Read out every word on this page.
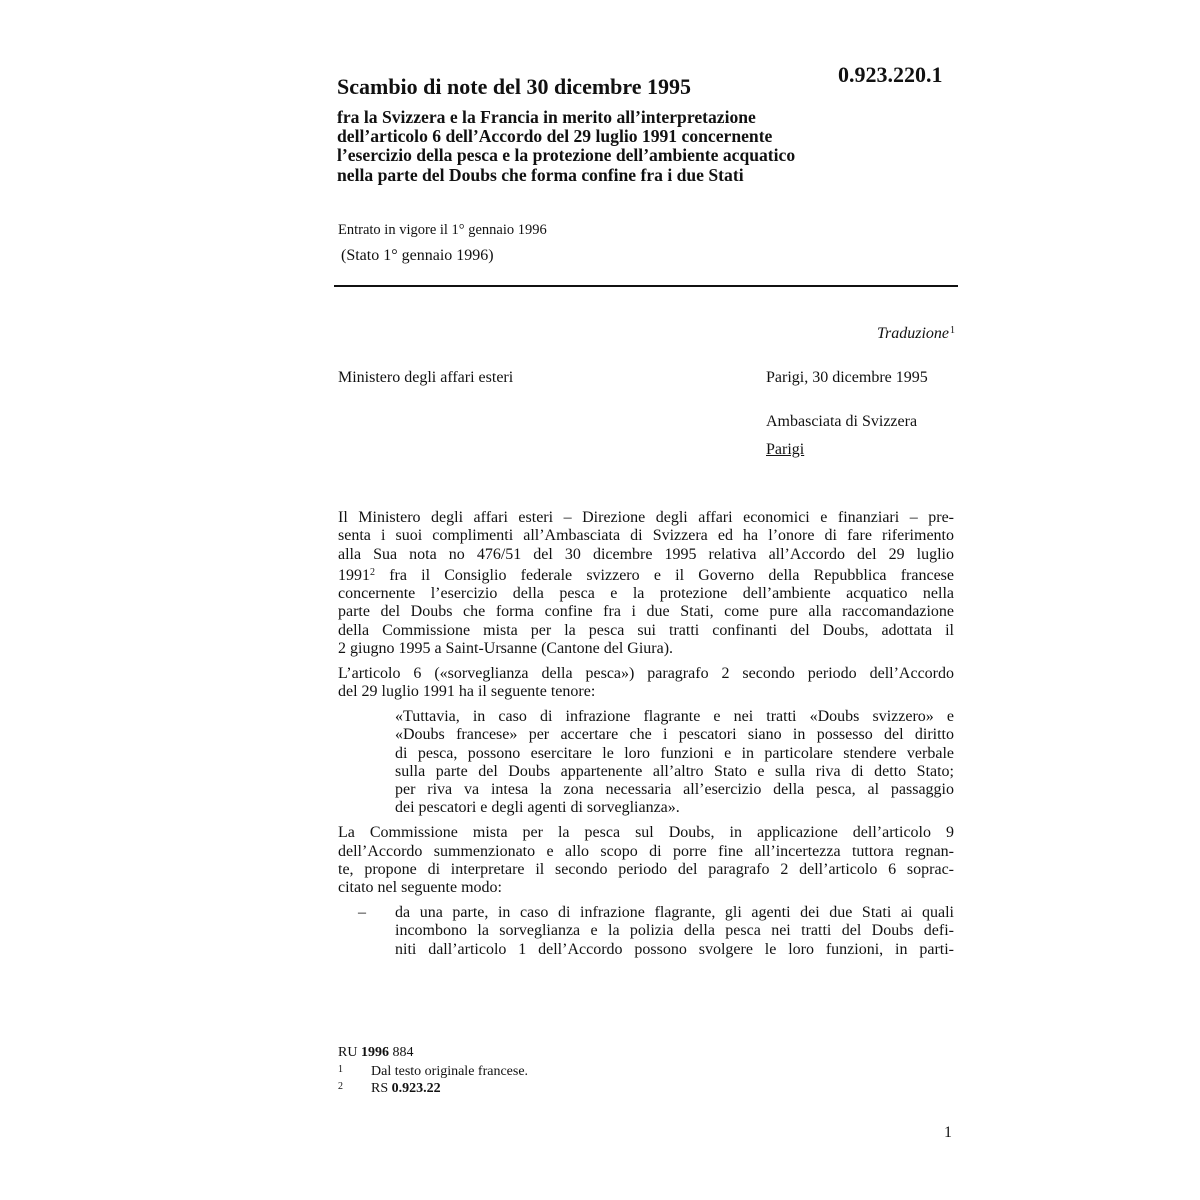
Scambio di note del 30 dicembre 1995	0.923.220.1
fra la Svizzera e la Francia in merito all’interpretazione
dell’articolo 6 dell’Accordo del 29 luglio 1991 concernente
l’esercizio della pesca e la protezione dell’ambiente acquatico
nella parte del Doubs che forma confine fra i due Stati
Entrato in vigore il 1° gennaio 1996
(Stato 1° gennaio 1996)
Traduzione$^1$
Ministero degli affari esteri	Parigi, 30 dicembre 1995
Ambasciata di Svizzera
Parigi
Il Ministero degli affari esteri – Direzione degli affari economici e finanziari – pre-
senta i suoi complimenti all’Ambasciata di Svizzera ed ha l’onore di fare riferimento
alla Sua nota no 476/51 del 30 dicembre 1995 relativa all’Accordo del 29 luglio
1991$^2$ fra il Consiglio federale svizzero e il Governo della Repubblica francese
concernente l’esercizio della pesca e la protezione dell’ambiente acquatico nella
parte del Doubs che forma confine fra i due Stati, come pure alla raccomandazione
della Commissione mista per la pesca sui tratti confinanti del Doubs, adottata il
2 giugno 1995 a Saint-Ursanne (Cantone del Giura).
L’articolo 6 («sorveglianza della pesca») paragrafo 2 secondo periodo dell’Accordo
del 29 luglio 1991 ha il seguente tenore:
«Tuttavia, in caso di infrazione flagrante e nei tratti «Doubs svizzero» e
«Doubs francese» per accertare che i pescatori siano in possesso del diritto
di pesca, possono esercitare le loro funzioni e in particolare stendere verbale
sulla parte del Doubs appartenente all’altro Stato e sulla riva di detto Stato;
per riva va intesa la zona necessaria all’esercizio della pesca, al passaggio
dei pescatori e degli agenti di sorveglianza».
La Commissione mista per la pesca sul Doubs, in applicazione dell’articolo 9
dell’Accordo summenzionato e allo scopo di porre fine all’incertezza tuttora regnan-
te, propone di interpretare il secondo periodo del paragrafo 2 dell’articolo 6 soprac-
citato nel seguente modo:
– da una parte, in caso di infrazione flagrante, gli agenti dei due Stati ai quali
incombono la sorveglianza e la polizia della pesca nei tratti del Doubs defi-
niti dall’articolo 1 dell’Accordo possono svolgere le loro funzioni, in parti-
RU 1996 884
1	Dal testo originale francese.
2	RS 0.923.22
1
